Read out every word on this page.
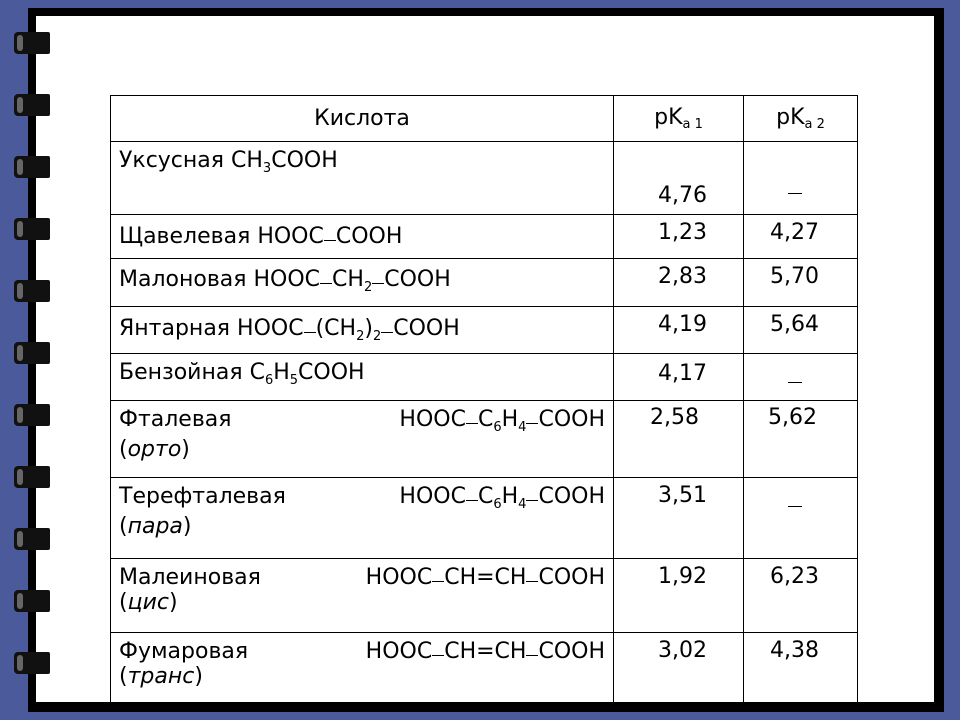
Кислота	$pK_{а 1}$	$pK_{а 2}$
Уксусная $CH_3COOH$	4,76	
Щавелевая HOOC COOH	1,23	4,27
Малоновая HOOC $CH_2$ COOH	2,83	5,70
Янтарная HOOC $(CH_2)_2$ COOH	4,19	5,64
Бензойная $C_6H_5COOH$	4,17	

Фталевая HOOC $C_6H_4$ COOH
(орто)	2,58	5,62

Терефталевая HOOC $C_6H_4$ COOH
(пара)	3,51	

Малеиновая HOOC CH=CH COOH
(цис)	1,92	6,23

Фумаровая HOOC CH=CH COOH
(транс)	3,02	4,38
